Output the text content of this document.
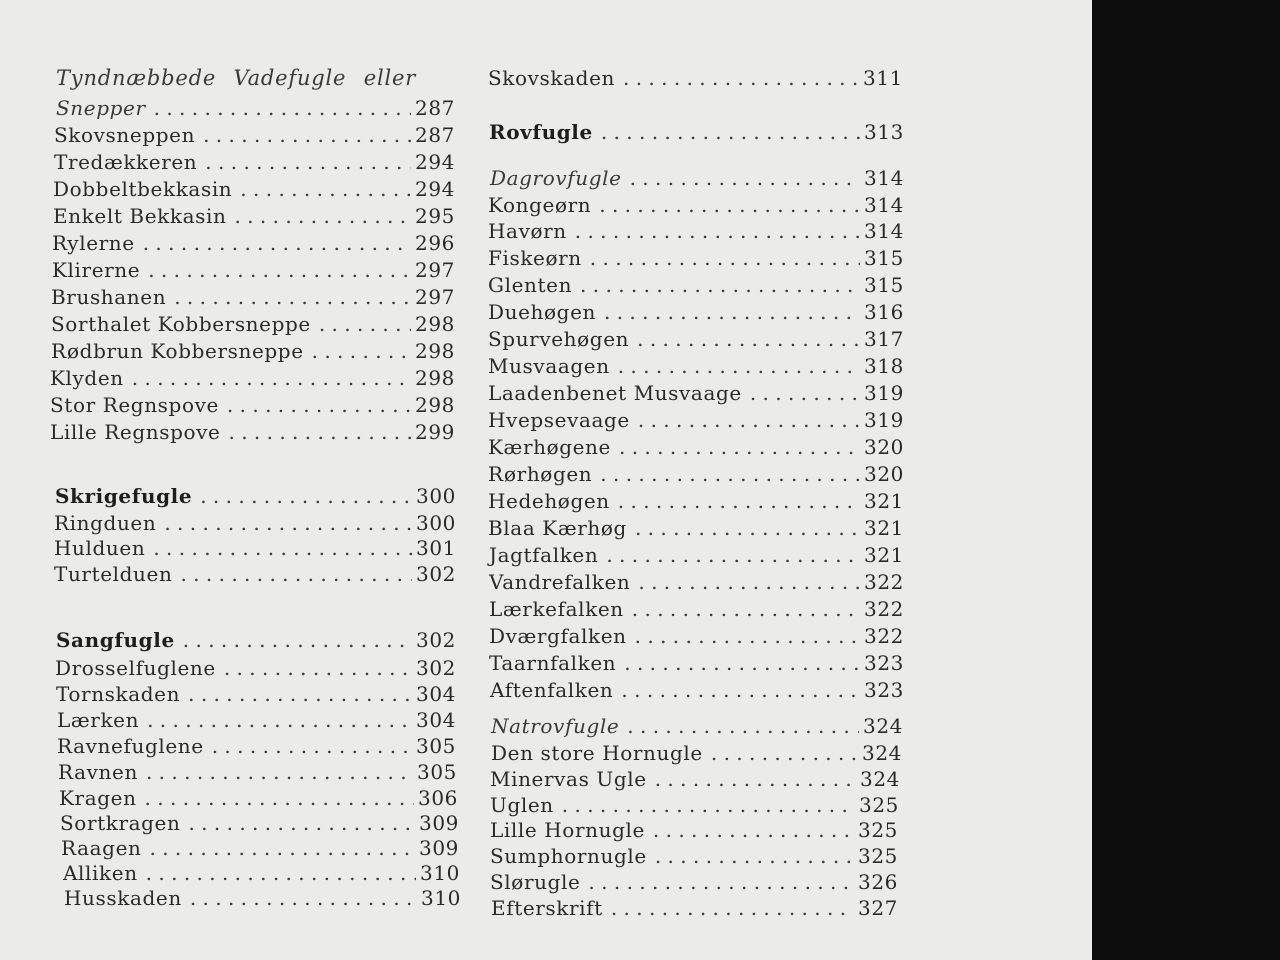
Tyndnæbbede Vadefugle eller
Snepper . . .	287
Skovsneppen . . .	287
Tredækkeren . . .	294
Dobbeltbekkasin . . .	294
Enkelt Bekkasin . . .	295
Rylerne . . .	296
Klirerne . . .	297
Brushanen . . .	297
Sorthalet Kobbersneppe . . .	298
Rødbrun Kobbersneppe . . .	298
Klyden . . .	298
Stor Regnspove . . .	298
Lille Regnspove . . .	299
Skrigefugle . . .	300
Ringduen . . .	300
Hulduen . . .	301
Turtelduen . . .	302
Sangfugle . . .	302
Drosselfuglene . . .	302
Tornskaden . . .	304
Lærken . . .	304
Ravnefuglene . . .	305
Ravnen . . .	305
Kragen . . .	306
Sortkragen . . .	309
Raagen . . .	309
Alliken . . .	310
Husskaden . . .	310
Skovskaden . . .	311
Rovfugle . . .	313
Dagrovfugle . . .	314
Kongeørn . . .	314
Havørn . . .	314
Fiskeørn . . .	315
Glenten . . .	315
Duehøgen . . .	316
Spurvehøgen . . .	317
Musvaagen . . .	318
Laadenbenet Musvaage . . .	319
Hvepsevaage . . .	319
Kærhøgene . . .	320
Rørhøgen . . .	320
Hedehøgen . . .	321
Blaa Kærhøg . . .	321
Jagtfalken . . .	321
Vandrefalken . . .	322
Lærkefalken . . .	322
Dværgfalken . . .	322
Taarnfalken . . .	323
Aftenfalken . . .	323
Natrovfugle . . .	324
Den store Hornugle . . .	324
Minervas Ugle . . .	324
Uglen . . .	325
Lille Hornugle . . .	325
Sumphornugle . . .	325
Slørugle . . .	326
Efterskrift . . .	327
